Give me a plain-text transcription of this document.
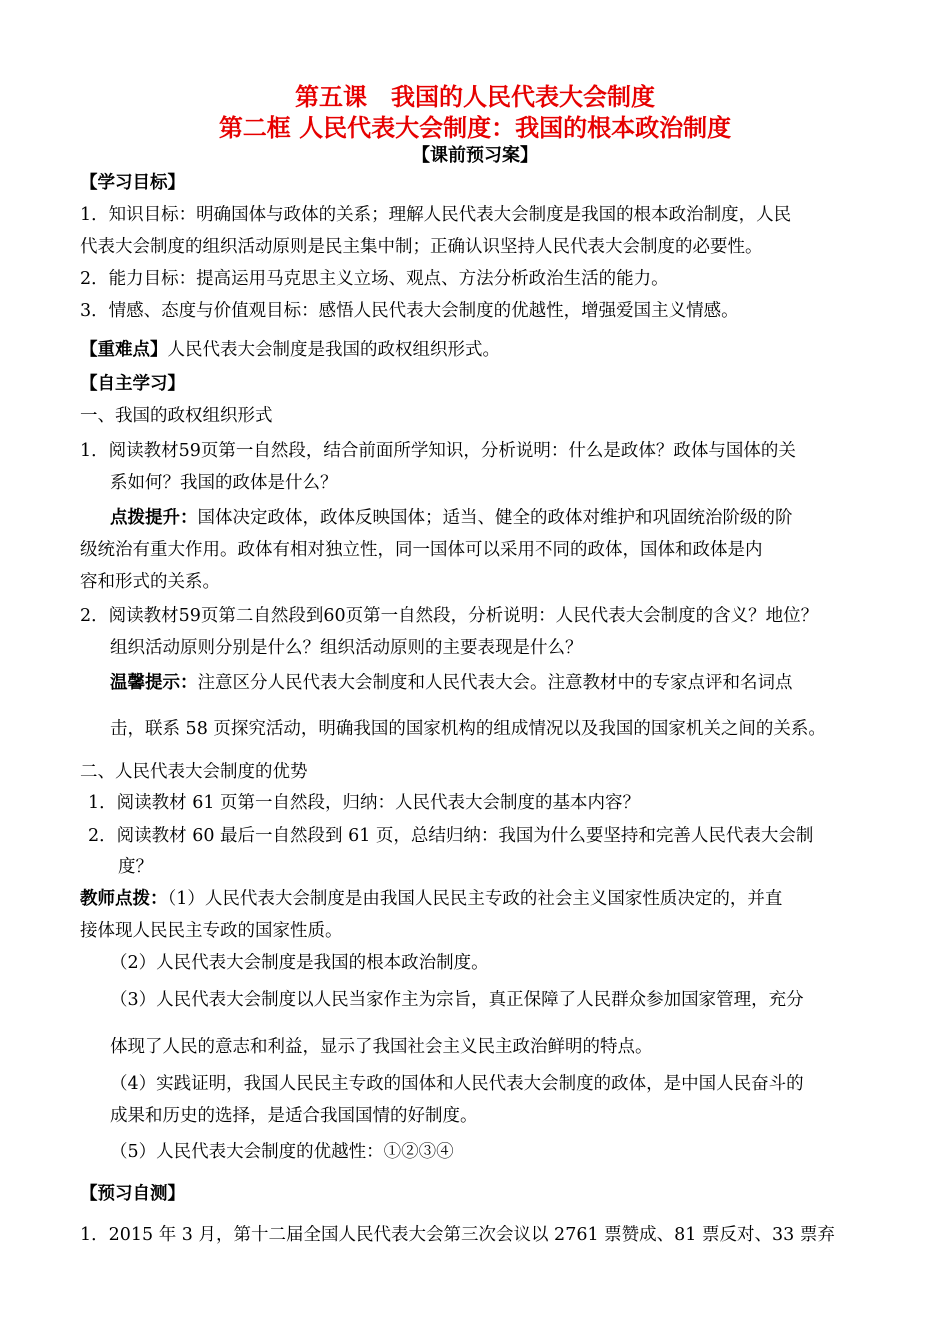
第五课　我国的人民代表大会制度
第二框 人民代表大会制度：我国的根本政治制度
【课前预习案】
【学习目标】
1．知识目标：明确国体与政体的关系；理解人民代表大会制度是我国的根本政治制度，人民
代表大会制度的组织活动原则是民主集中制；正确认识坚持人民代表大会制度的必要性。
2．能力目标：提高运用马克思主义立场、观点、方法分析政治生活的能力。
3．情感、态度与价值观目标：感悟人民代表大会制度的优越性，增强爱国主义情感。
【重难点】人民代表大会制度是我国的政权组织形式。
【自主学习】
一、我国的政权组织形式
1．阅读教材59页第一自然段，结合前面所学知识，分析说明：什么是政体？政体与国体的关
系如何？我国的政体是什么？
点拨提升：国体决定政体，政体反映国体；适当、健全的政体对维护和巩固统治阶级的阶
级统治有重大作用。政体有相对独立性，同一国体可以采用不同的政体，国体和政体是内
容和形式的关系。
2．阅读教材59页第二自然段到60页第一自然段，分析说明：人民代表大会制度的含义？地位？
组织活动原则分别是什么？组织活动原则的主要表现是什么？
温馨提示：注意区分人民代表大会制度和人民代表大会。注意教材中的专家点评和名词点
击，联系 58 页探究活动，明确我国的国家机构的组成情况以及我国的国家机关之间的关系。
二、人民代表大会制度的优势
1．阅读教材 61 页第一自然段，归纳：人民代表大会制度的基本内容？
2．阅读教材 60 最后一自然段到 61 页，总结归纳：我国为什么要坚持和完善人民代表大会制
度？
教师点拨：（1）人民代表大会制度是由我国人民民主专政的社会主义国家性质决定的，并直
接体现人民民主专政的国家性质。
（2）人民代表大会制度是我国的根本政治制度。
（3）人民代表大会制度以人民当家作主为宗旨，真正保障了人民群众参加国家管理，充分
体现了人民的意志和利益，显示了我国社会主义民主政治鲜明的特点。
（4）实践证明，我国人民民主专政的国体和人民代表大会制度的政体，是中国人民奋斗的
成果和历史的选择，是适合我国国情的好制度。
（5）人民代表大会制度的优越性：①②③④
【预习自测】
1．2015 年 3 月，第十二届全国人民代表大会第三次会议以 2761 票赞成、81 票反对、33 票弃
